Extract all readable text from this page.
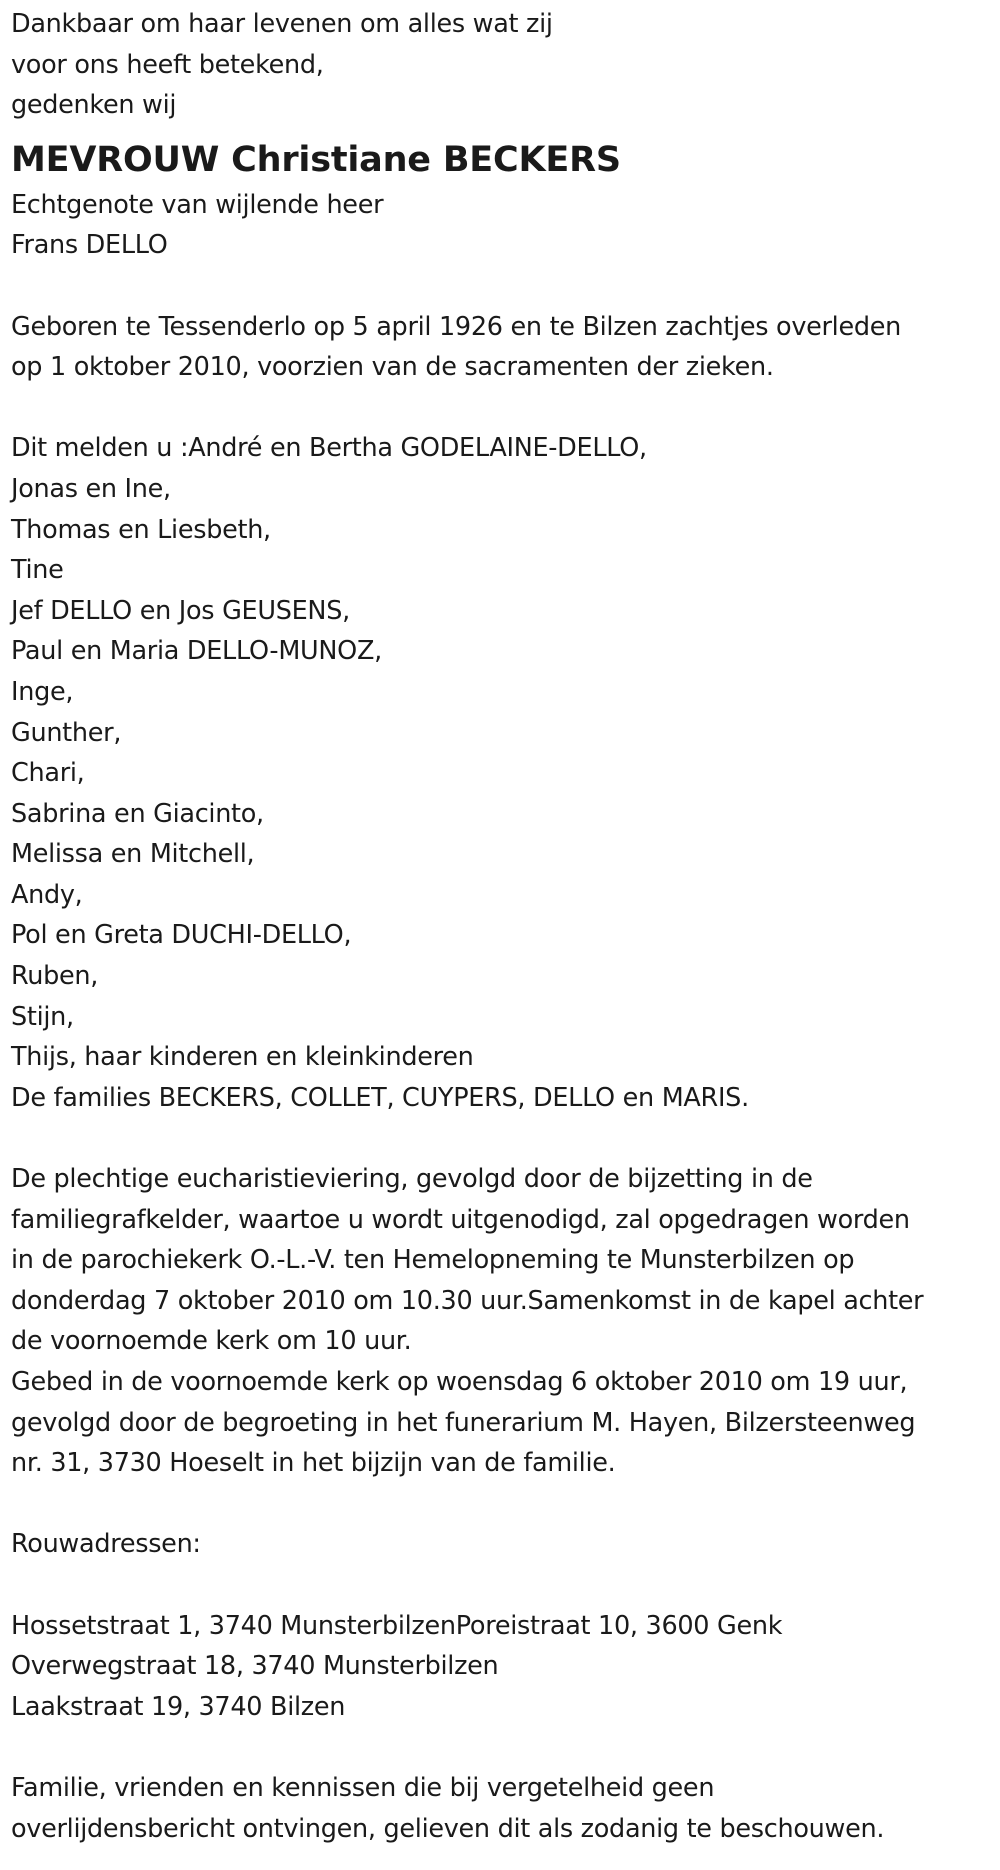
Dankbaar om haar levenen om alles wat zij
voor ons heeft betekend,
gedenken wij
MEVROUW Christiane BECKERS
Echtgenote van wijlende heer
Frans DELLO
Geboren te Tessenderlo op 5 april 1926 en te Bilzen zachtjes overleden
op 1 oktober 2010, voorzien van de sacramenten der zieken.
Dit melden u :André en Bertha GODELAINE-DELLO,
Jonas en Ine,
Thomas en Liesbeth,
Tine
Jef DELLO en Jos GEUSENS,
Paul en Maria DELLO-MUNOZ,
Inge,
Gunther,
Chari,
Sabrina en Giacinto,
Melissa en Mitchell,
Andy,
Pol en Greta DUCHI-DELLO,
Ruben,
Stijn,
Thijs, haar kinderen en kleinkinderen
De families BECKERS, COLLET, CUYPERS, DELLO en MARIS.
De plechtige eucharistieviering, gevolgd door de bijzetting in de
familiegrafkelder, waartoe u wordt uitgenodigd, zal opgedragen worden
in de parochiekerk O.-L.-V. ten Hemelopneming te Munsterbilzen op
donderdag 7 oktober 2010 om 10.30 uur.Samenkomst in de kapel achter
de voornoemde kerk om 10 uur.
Gebed in de voornoemde kerk op woensdag 6 oktober 2010 om 19 uur,
gevolgd door de begroeting in het funerarium M. Hayen, Bilzersteenweg
nr. 31, 3730 Hoeselt in het bijzijn van de familie.
Rouwadressen:
Hossetstraat 1, 3740 MunsterbilzenPoreistraat 10, 3600 Genk
Overwegstraat 18, 3740 Munsterbilzen
Laakstraat 19, 3740 Bilzen
Familie, vrienden en kennissen die bij vergetelheid geen
overlijdensbericht ontvingen, gelieven dit als zodanig te beschouwen.
